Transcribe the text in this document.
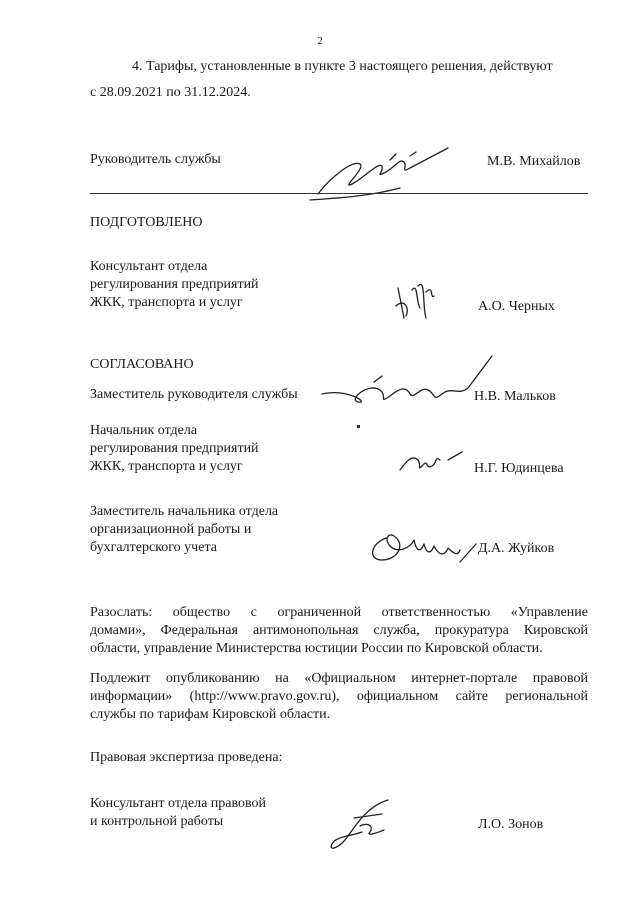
2
4. Тарифы, установленные в пункте 3 настоящего решения, действуют
с 28.09.2021 по 31.12.2024.
Руководитель службы	М.В. Михайлов
ПОДГОТОВЛЕНО
Консультант отдела
регулирования предприятий
ЖКК, транспорта и услуг	А.О. Черных
СОГЛАСОВАНО
Заместитель руководителя службы	Н.В. Мальков
Начальник отдела
регулирования предприятий
ЖКК, транспорта и услуг	Н.Г. Юдинцева
Заместитель начальника отдела
организационной работы и
бухгалтерского учета	Д.А. Жуйков
Разослать: общество с ограниченной ответственностью «Управление
домами», Федеральная антимонопольная служба, прокуратура Кировской
области, управление Министерства юстиции России по Кировской области.
Подлежит опубликованию на «Официальном интернет-портале правовой
информации» (http://www.pravo.gov.ru), официальном сайте региональной
службы по тарифам Кировской области.
Правовая экспертиза проведена:
Консультант отдела правовой
и контрольной работы	Л.О. Зонов
